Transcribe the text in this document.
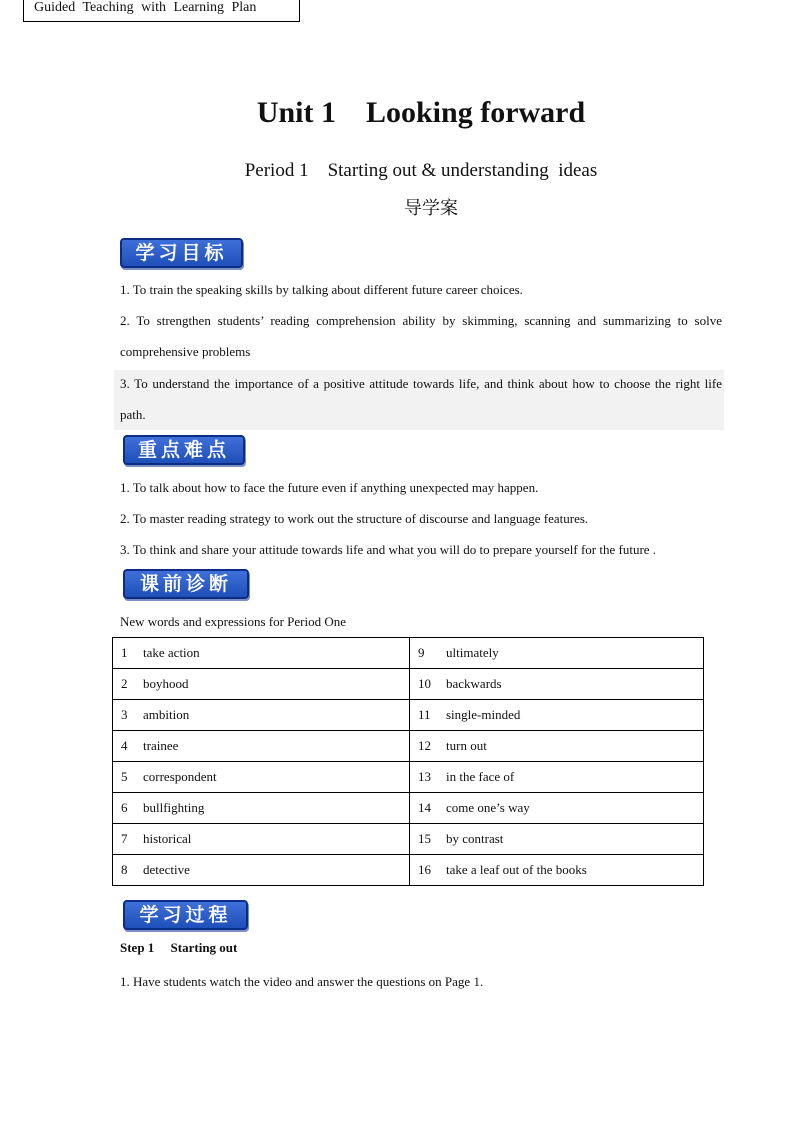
Guided Teaching with Learning Plan
Unit 1    Looking forward
Period 1    Starting out & understanding  ideas
导学案
学习目标
1. To train the speaking skills by talking about different future career choices.
2. To strengthen students’ reading comprehension ability by skimming, scanning and summarizing to solve comprehensive problems
3. To understand the importance of a positive attitude towards life, and think about how to choose the right life path.
重点难点
1. To talk about how to face the future even if anything unexpected may happen.
2. To master reading strategy to work out the structure of discourse and language features.
3. To think and share your attitude towards life and what you will do to prepare yourself for the future .
课前诊断
New words and expressions for Period One
1 take action	9 ultimately
2 boyhood	10 backwards
3 ambition	11 single-minded
4 trainee	12 turn out
5 correspondent	13 in the face of
6 bullfighting	14 come one’s way
7 historical	15 by contrast
8 detective	16 take a leaf out of the books
学习过程
Step 1     Starting out
1. Have students watch the video and answer the questions on Page 1.
